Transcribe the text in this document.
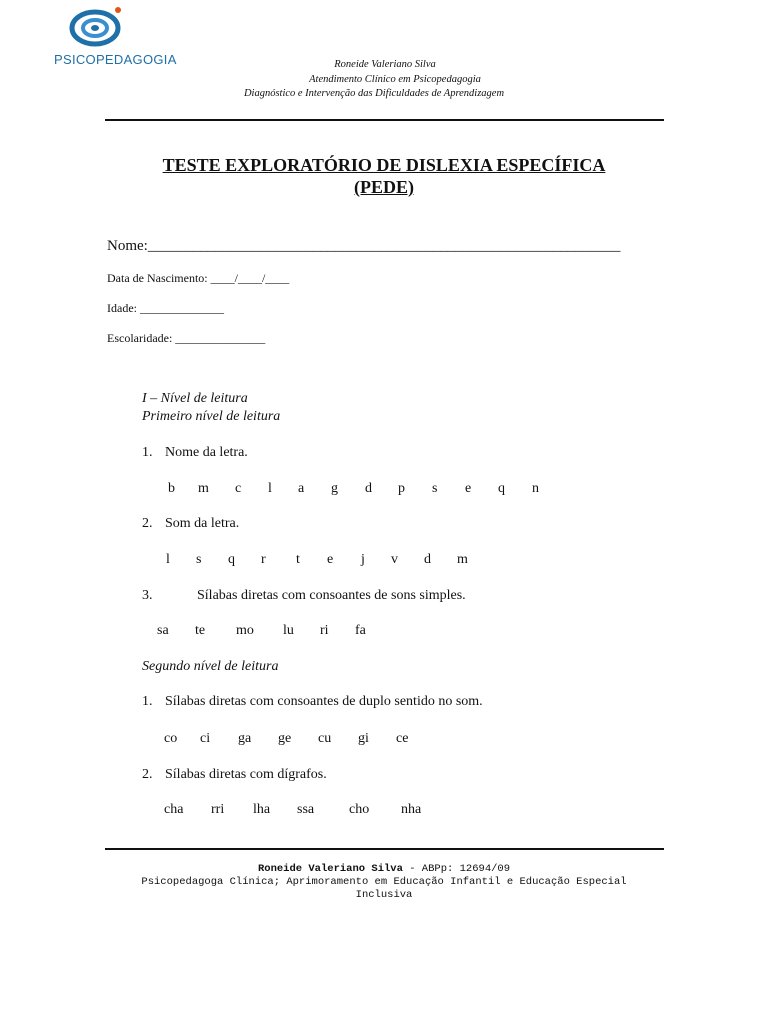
PSICOPEDAGOGIA	Roneide Valeriano Silva
Atendimento Clínico em Psicopedagogia
Diagnóstico e Intervenção das Dificuldades de Aprendizagem
TESTE EXPLORATÓRIO DE DISLEXIA ESPECÍFICA
(PEDE)
Nome:_______________________________________________________________
Data de Nascimento: ____/____/____
Idade: ______________
Escolaridade: _______________
I – Nível de leitura
Primeiro nível de leitura
1. Nome da letra.
b m c l a g d p s e q n
2. Som da letra.
l s q r t e j v d m
3.	Sílabas diretas com consoantes de sons simples.
sa te mo lu ri fa
Segundo nível de leitura
1. Sílabas diretas com consoantes de duplo sentido no som.
co ci ga ge cu gi ce
2. Sílabas diretas com dígrafos.
cha rri lha ssa cho nha
Roneide Valeriano Silva - ABPp: 12694/09
Psicopedagoga Clínica; Aprimoramento em Educação Infantil e Educação Especial
Inclusiva
